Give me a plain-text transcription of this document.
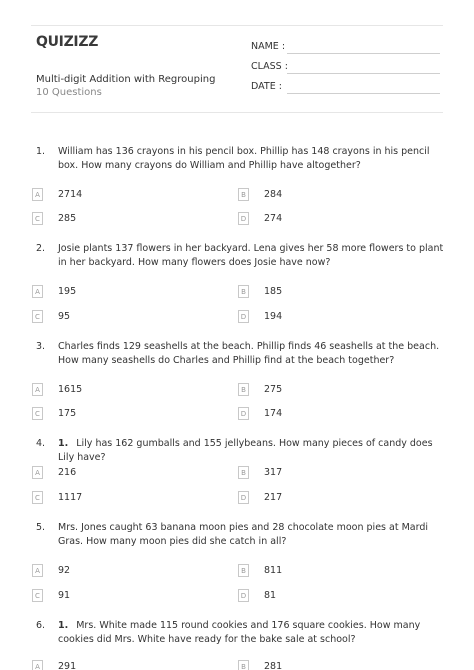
QUIZIZZ
Multi-digit Addition with Regrouping
10 Questions
NAME :
CLASS :
DATE :
1.	William has 136 crayons in his pencil box. Phillip has 148 crayons in his pencil box. How many crayons do William and Phillip have altogether?
A	2714	B	284
C	285	D 274
2.	Josie plants 137 flowers in her backyard. Lena gives her 58 more flowers to plant in her backyard. How many flowers does Josie have now?
A	195	B	185
C	95	D 194
3.	Charles finds 129 seashells at the beach. Phillip finds 46 seashells at the beach. How many seashells do Charles and Phillip find at the beach together?
A	1615	B	275
C	175	D 174
4.	1. Lily has 162 gumballs and 155 jellybeans. How many pieces of candy does Lily have?
A	216	B	317
C	1117	D 217
5.	Mrs. Jones caught 63 banana moon pies and 28 chocolate moon pies at Mardi Gras. How many moon pies did she catch in all?
A	92	B	811
C	91	D 81
6.	1. Mrs. White made 115 round cookies and 176 square cookies. How many cookies did Mrs. White have ready for the bake sale at school?
A	291	B	281
